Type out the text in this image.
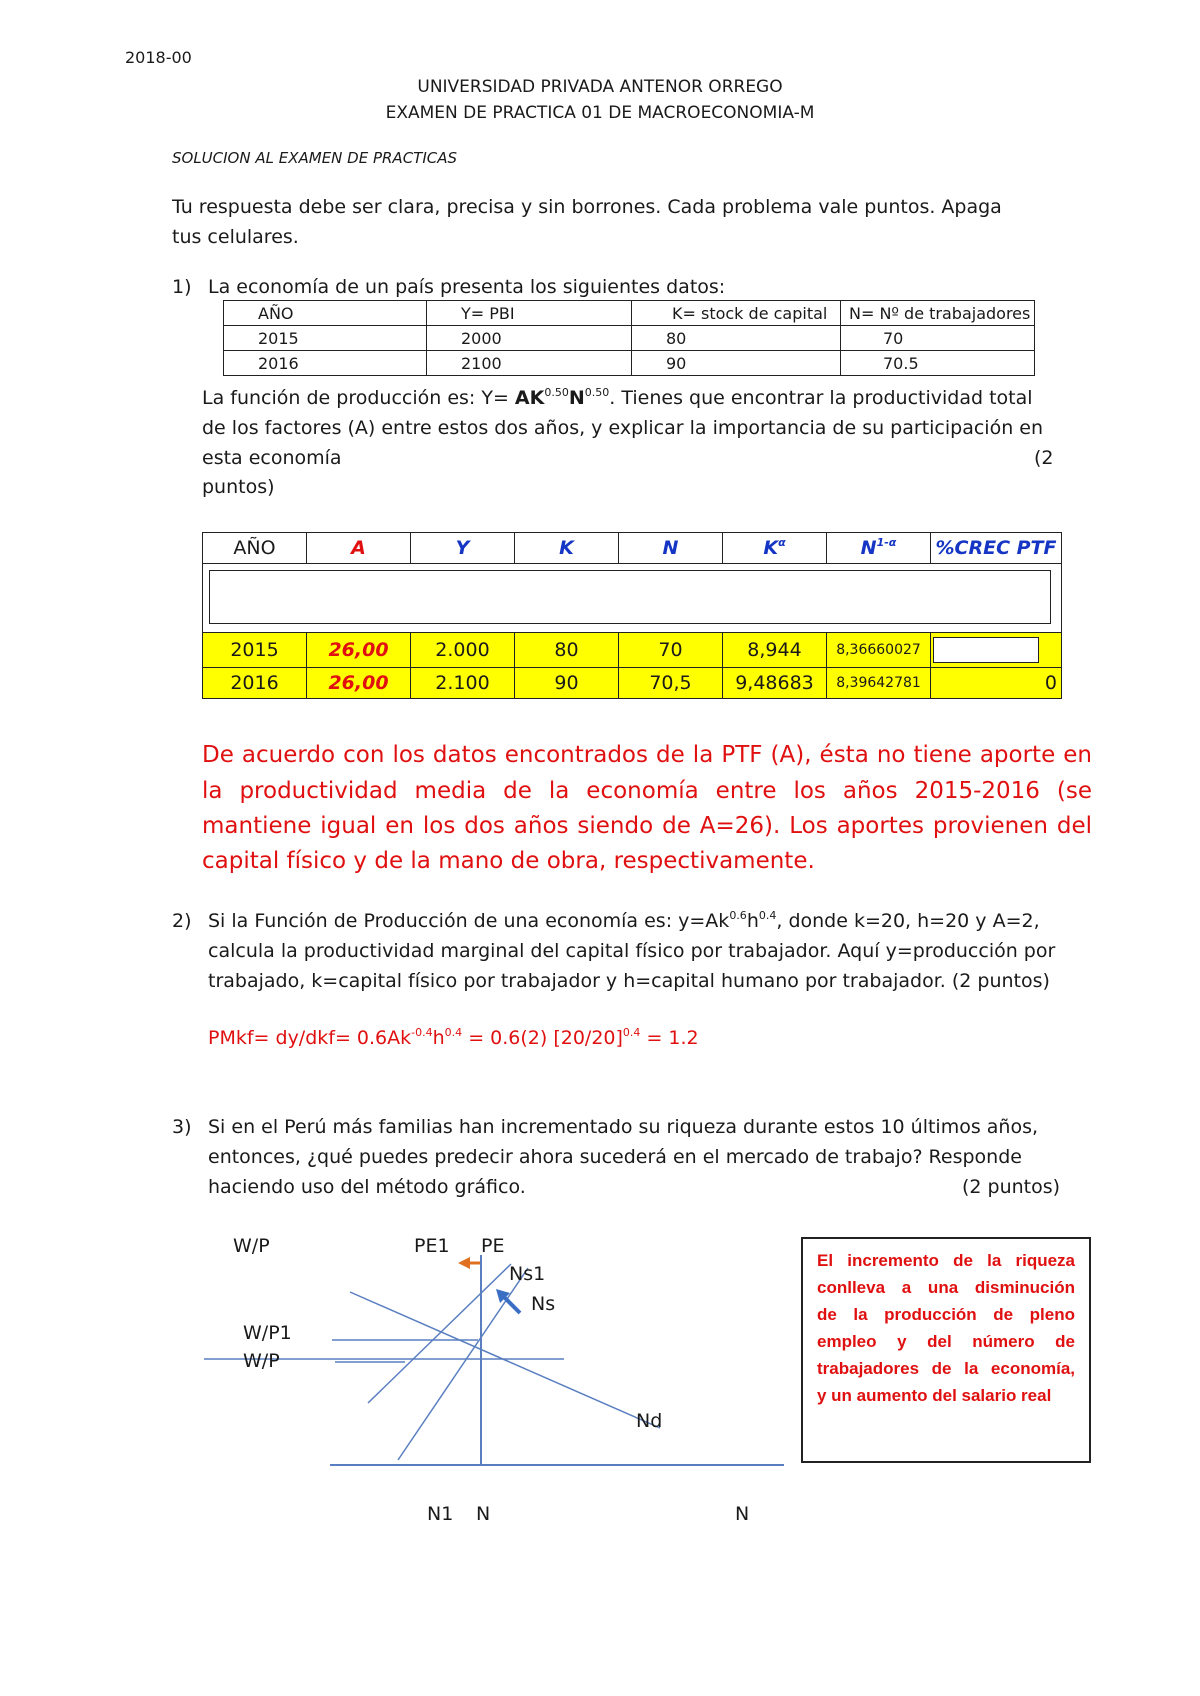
2018-00
UNIVERSIDAD PRIVADA ANTENOR ORREGO
EXAMEN DE PRACTICA 01 DE MACROECONOMIA-M
SOLUCION AL EXAMEN DE PRACTICAS
Tu respuesta debe ser clara, precisa y sin borrones. Cada problema vale puntos. Apaga
tus celulares.
1) La economía de un país presenta los siguientes datos:
AÑO	Y= PBI	K= stock de capital	N= Nº de trabajadores
2015	2000	80	70
2016	2100	90	70.5
La función de producción es: $Y= AK^{0.50}N^{0.50}$. Tienes que encontrar la productividad total
de los factores (A) entre estos dos años, y explicar la importancia de su participación en
esta economía	(2
puntos)
AÑO	A	Y	K	N	$K^\alpha$	$N^{1-\alpha}$	%CREC PTF

2015	26,00	2.000	80	70	8,944	8,36660027	

2016	26,00	2.100	90	70,5	9,48683	8,39642781	0
De acuerdo con los datos encontrados de la PTF (A), ésta no tiene aporte en
la productividad media de la economía entre los años 2015-2016 (se
mantiene igual en los dos años siendo de A=26). Los aportes provienen del
capital físico y de la mano de obra, respectivamente.
2) Si la Función de Producción de una economía es: $y=Ak^{0.6}h^{0.4}$, donde k=20, h=20 y A=2,
calcula la productividad marginal del capital físico por trabajador. Aquí y=producción por
trabajado, k=capital físico por trabajador y h=capital humano por trabajador. (2 puntos)
PMkf= $dy/dkf= 0.6Ak^{-0.4}h^{0.4} = 0.6(2) [20/20]^{0.4} = 1.2$
3) Si en el Perú más familias han incrementado su riqueza durante estos 10 últimos años,
entonces, ¿qué puedes predecir ahora sucederá en el mercado de trabajo? Responde
haciendo uso del método gráfico.	(2 puntos)
W/P	PE1 PE
Ns1
Ns
W/P1
W/P
Nd
N1 N	N
El incremento de la riqueza
conlleva a una disminución
de la producción de pleno
empleo y del número de
trabajadores de la economía,
y un aumento del salario real
